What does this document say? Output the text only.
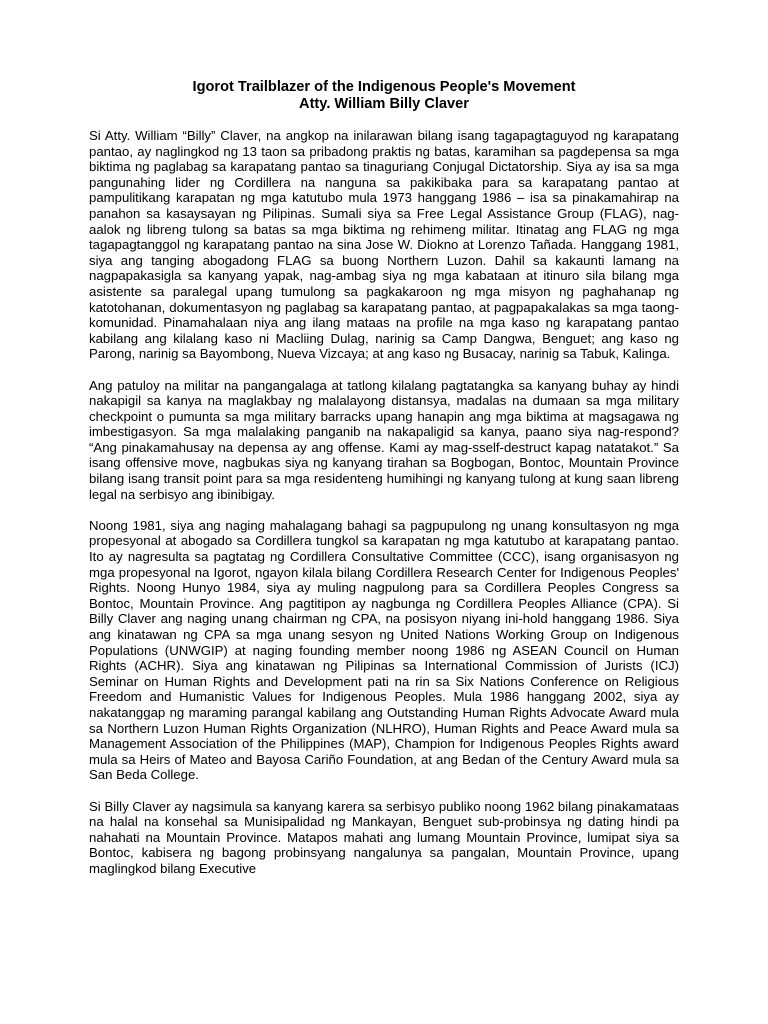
Igorot Trailblazer of the Indigenous People's Movement
Atty. William Billy Claver

Si Atty. William “Billy” Claver, na angkop na inilarawan bilang isang tagapagtaguyod ng karapatang pantao, ay naglingkod ng 13 taon sa pribadong praktis ng batas, karamihan sa pagdepensa sa mga biktima ng paglabag sa karapatang pantao sa tinaguriang Conjugal Dictatorship. Siya ay isa sa mga pangunahing lider ng Cordillera na nanguna sa pakikibaka para sa karapatang pantao at pampulitikang karapatan ng mga katutubo mula 1973 hanggang 1986 – isa sa pinakamahirap na panahon sa kasaysayan ng Pilipinas. Sumali siya sa Free Legal Assistance Group (FLAG), nag-aalok ng libreng tulong sa batas sa mga biktima ng rehimeng militar. Itinatag ang FLAG ng mga tagapagtanggol ng karapatang pantao na sina Jose W. Diokno at Lorenzo Tañada. Hanggang 1981, siya ang tanging abogadong FLAG sa buong Northern Luzon. Dahil sa kakaunti lamang na nagpapakasigla sa kanyang yapak, nag-ambag siya ng mga kabataan at itinuro sila bilang mga asistente sa paralegal upang tumulong sa pagkakaroon ng mga misyon ng paghahanap ng katotohanan, dokumentasyon ng paglabag sa karapatang pantao, at pagpapakalakas sa mga taong-komunidad. Pinamahalaan niya ang ilang mataas na profile na mga kaso ng karapatang pantao kabilang ang kilalang kaso ni Macliing Dulag, narinig sa Camp Dangwa, Benguet; ang kaso ng Parong, narinig sa Bayombong, Nueva Vizcaya; at ang kaso ng Busacay, narinig sa Tabuk, Kalinga.

Ang patuloy na militar na pangangalaga at tatlong kilalang pagtatangka sa kanyang buhay ay hindi nakapigil sa kanya na maglakbay ng malalayong distansya, madalas na dumaan sa mga military checkpoint o pumunta sa mga military barracks upang hanapin ang mga biktima at magsagawa ng imbestigasyon. Sa mga malalaking panganib na nakapaligid sa kanya, paano siya nag-respond? “Ang pinakamahusay na depensa ay ang offense. Kami ay mag-sself-destruct kapag natatakot.” Sa isang offensive move, nagbukas siya ng kanyang tirahan sa Bogbogan, Bontoc, Mountain Province bilang isang transit point para sa mga residenteng humihingi ng kanyang tulong at kung saan libreng legal na serbisyo ang ibinibigay.

Noong 1981, siya ang naging mahalagang bahagi sa pagpupulong ng unang konsultasyon ng mga propesyonal at abogado sa Cordillera tungkol sa karapatan ng mga katutubo at karapatang pantao. Ito ay nagresulta sa pagtatag ng Cordillera Consultative Committee (CCC), isang organisasyon ng mga propesyonal na Igorot, ngayon kilala bilang Cordillera Research Center for Indigenous Peoples' Rights. Noong Hunyo 1984, siya ay muling nagpulong para sa Cordillera Peoples Congress sa Bontoc, Mountain Province. Ang pagtitipon ay nagbunga ng Cordillera Peoples Alliance (CPA). Si Billy Claver ang naging unang chairman ng CPA, na posisyon niyang ini-hold hanggang 1986. Siya ang kinatawan ng CPA sa mga unang sesyon ng United Nations Working Group on Indigenous Populations (UNWGIP) at naging founding member noong 1986 ng ASEAN Council on Human Rights (ACHR). Siya ang kinatawan ng Pilipinas sa International Commission of Jurists (ICJ) Seminar on Human Rights and Development pati na rin sa Six Nations Conference on Religious Freedom and Humanistic Values for Indigenous Peoples. Mula 1986 hanggang 2002, siya ay nakatanggap ng maraming parangal kabilang ang Outstanding Human Rights Advocate Award mula sa Northern Luzon Human Rights Organization (NLHRO), Human Rights and Peace Award mula sa Management Association of the Philippines (MAP), Champion for Indigenous Peoples Rights award mula sa Heirs of Mateo and Bayosa Cariño Foundation, at ang Bedan of the Century Award mula sa San Beda College.

Si Billy Claver ay nagsimula sa kanyang karera sa serbisyo publiko noong 1962 bilang pinakamataas na halal na konsehal sa Munisipalidad ng Mankayan, Benguet sub-probinsya ng dating hindi pa nahahati na Mountain Province. Matapos mahati ang lumang Mountain Province, lumipat siya sa Bontoc, kabisera ng bagong probinsyang nangalunya sa pangalan, Mountain Province, upang maglingkod bilang Executive
